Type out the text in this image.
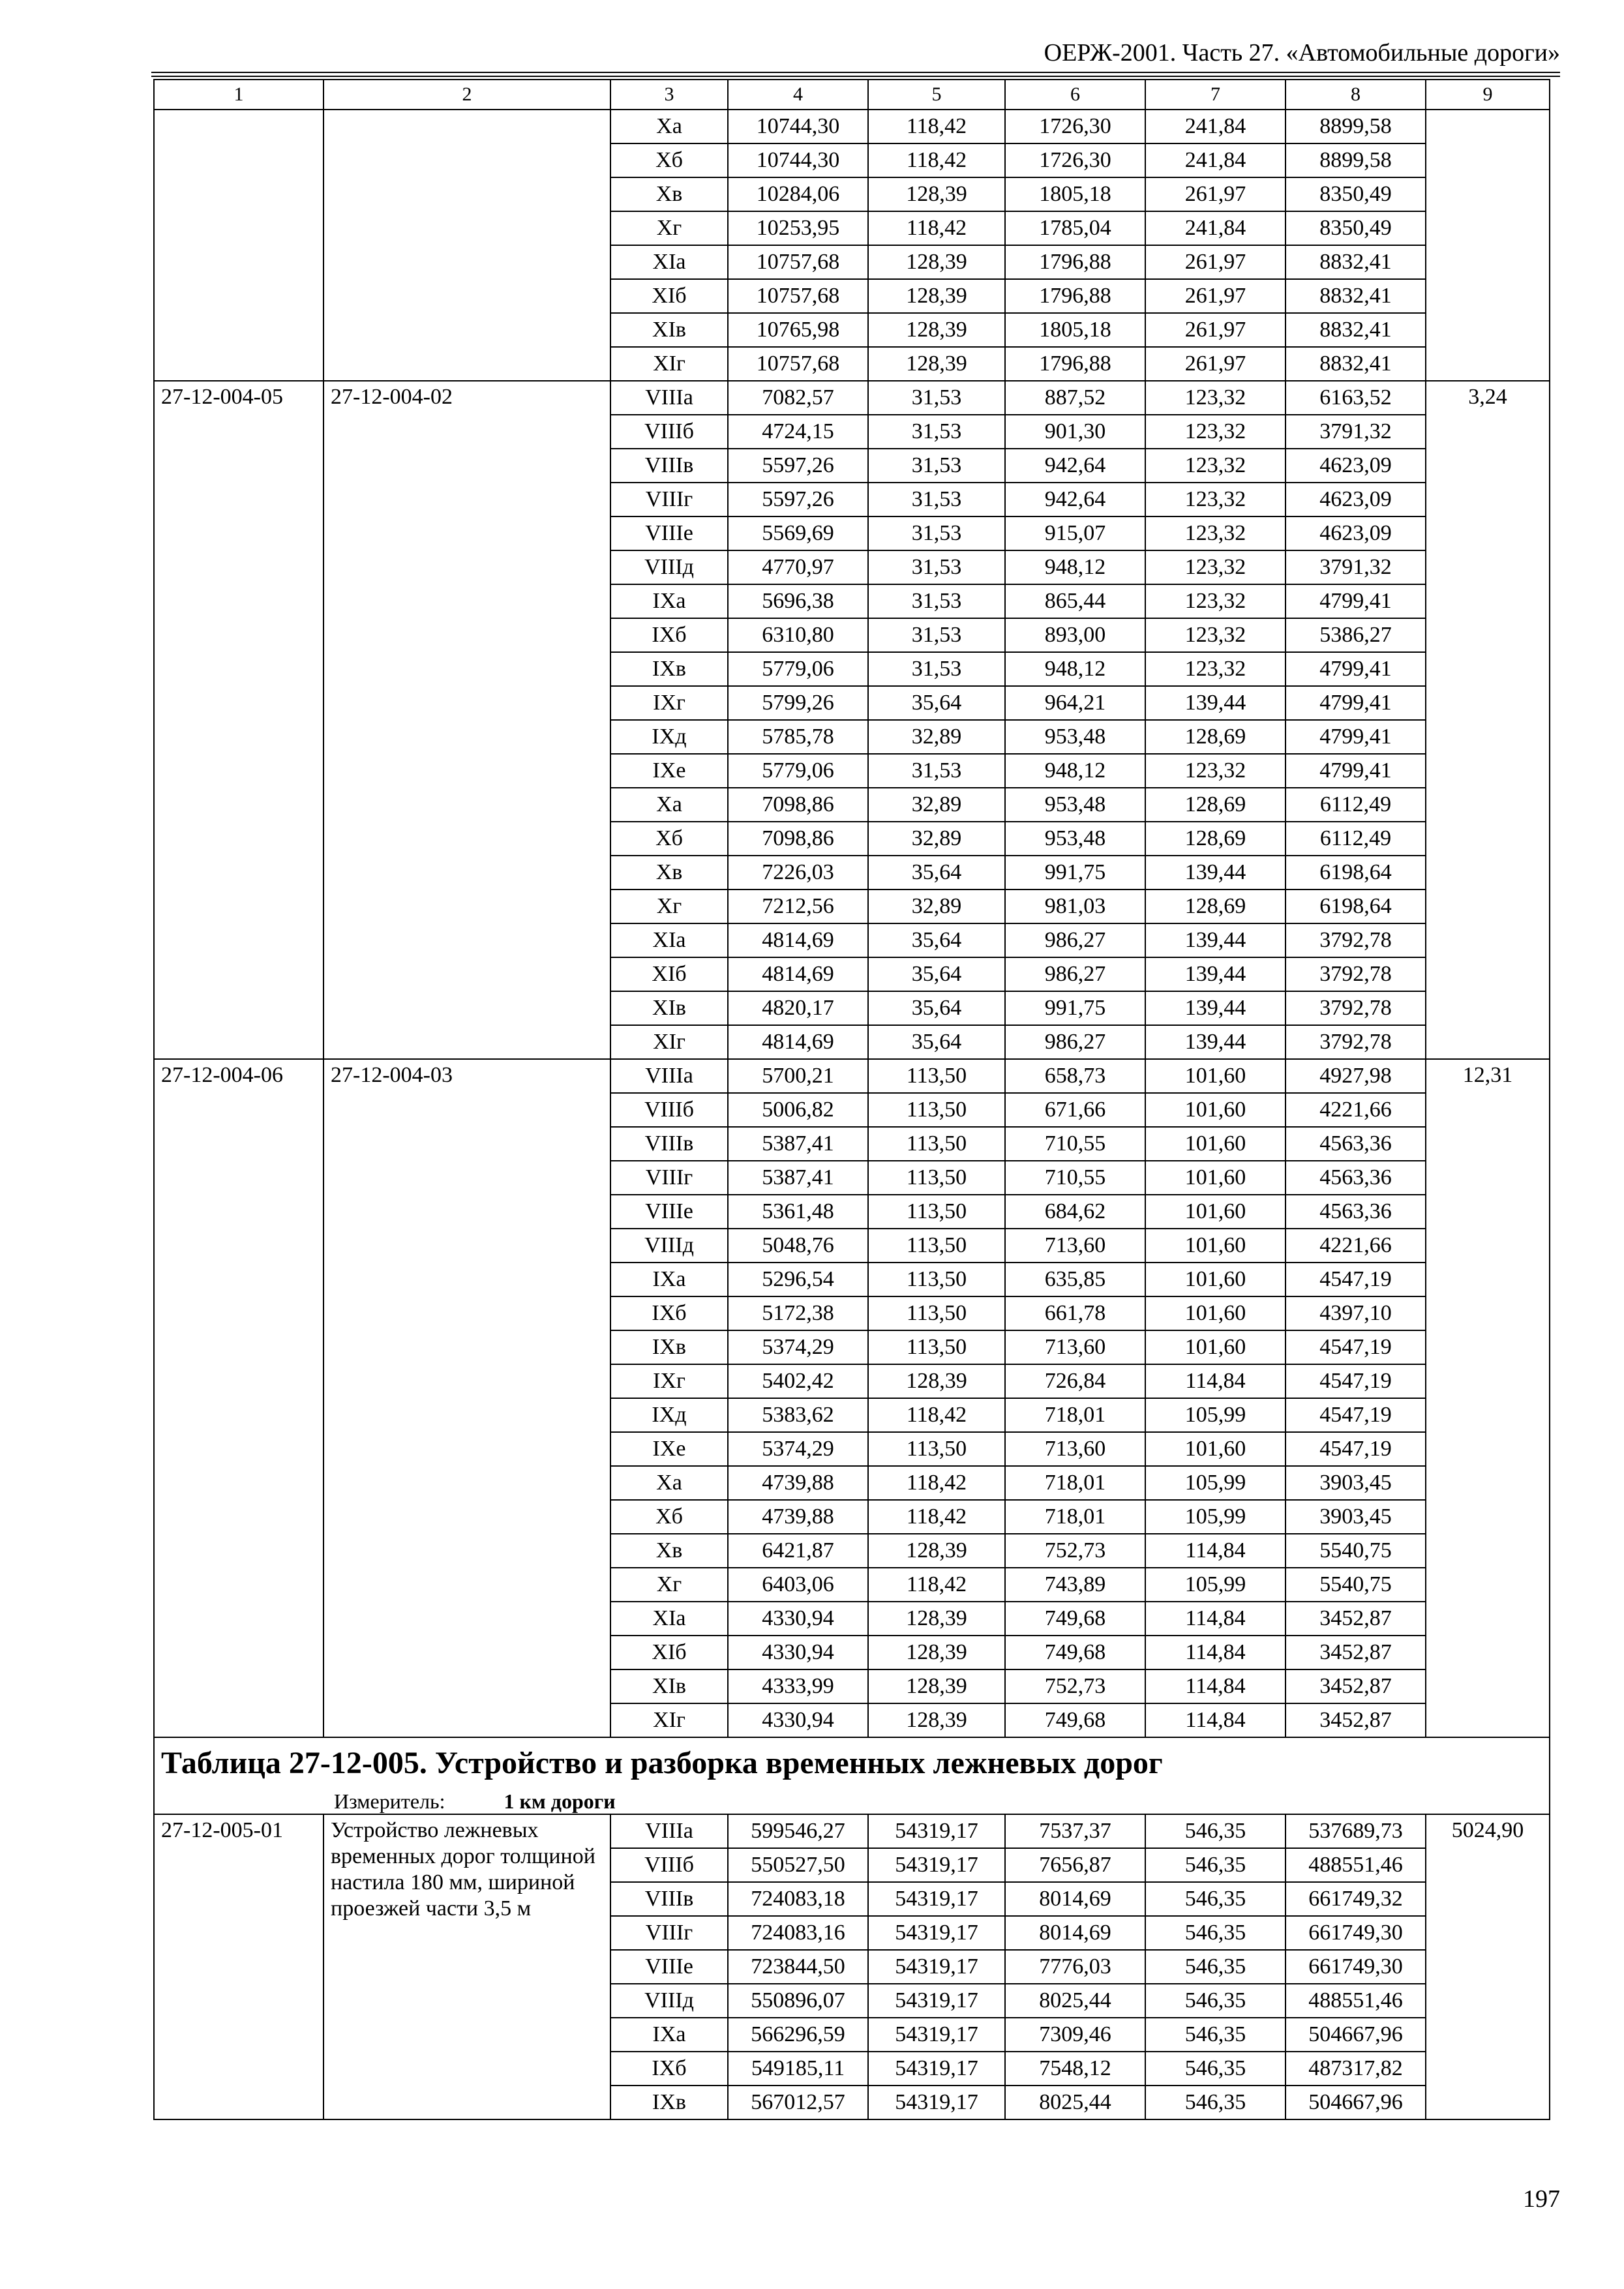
ОЕРЖ-2001. Часть 27. «Автомобильные дороги»
1	2	3	4	5	6	7	8	9
		Xa	10744,30	118,42	1726,30	241,84	8899,58	
		Xб	10744,30	118,42	1726,30	241,84	8899,58	
		Xв	10284,06	128,39	1805,18	261,97	8350,49	
		Xг	10253,95	118,42	1785,04	241,84	8350,49	
		XIa	10757,68	128,39	1796,88	261,97	8832,41	
		XIб	10757,68	128,39	1796,88	261,97	8832,41	
		XIв	10765,98	128,39	1805,18	261,97	8832,41	
		XIг	10757,68	128,39	1796,88	261,97	8832,41	
27-12-004-05	27-12-004-02	VIIIa	7082,57	31,53	887,52	123,32	6163,52	3,24
		VIIIб	4724,15	31,53	901,30	123,32	3791,32	
		VIIIв	5597,26	31,53	942,64	123,32	4623,09	
		VIIIг	5597,26	31,53	942,64	123,32	4623,09	
		VIIIe	5569,69	31,53	915,07	123,32	4623,09	
		VIIIд	4770,97	31,53	948,12	123,32	3791,32	
		IXa	5696,38	31,53	865,44	123,32	4799,41	
		IXб	6310,80	31,53	893,00	123,32	5386,27	
		IXв	5779,06	31,53	948,12	123,32	4799,41	
		IXг	5799,26	35,64	964,21	139,44	4799,41	
		IXд	5785,78	32,89	953,48	128,69	4799,41	
		IXe	5779,06	31,53	948,12	123,32	4799,41	
		Xa	7098,86	32,89	953,48	128,69	6112,49	
		Xб	7098,86	32,89	953,48	128,69	6112,49	
		Xв	7226,03	35,64	991,75	139,44	6198,64	
		Xг	7212,56	32,89	981,03	128,69	6198,64	
		XIa	4814,69	35,64	986,27	139,44	3792,78	
		XIб	4814,69	35,64	986,27	139,44	3792,78	
		XIв	4820,17	35,64	991,75	139,44	3792,78	
		XIг	4814,69	35,64	986,27	139,44	3792,78	
27-12-004-06	27-12-004-03	VIIIa	5700,21	113,50	658,73	101,60	4927,98	12,31
		VIIIб	5006,82	113,50	671,66	101,60	4221,66	
		VIIIв	5387,41	113,50	710,55	101,60	4563,36	
		VIIIг	5387,41	113,50	710,55	101,60	4563,36	
		VIIIe	5361,48	113,50	684,62	101,60	4563,36	
		VIIIд	5048,76	113,50	713,60	101,60	4221,66	
		IXa	5296,54	113,50	635,85	101,60	4547,19	
		IXб	5172,38	113,50	661,78	101,60	4397,10	
		IXв	5374,29	113,50	713,60	101,60	4547,19	
		IXг	5402,42	128,39	726,84	114,84	4547,19	
		IXд	5383,62	118,42	718,01	105,99	4547,19	
		IXe	5374,29	113,50	713,60	101,60	4547,19	
		Xa	4739,88	118,42	718,01	105,99	3903,45	
		Xб	4739,88	118,42	718,01	105,99	3903,45	
		Xв	6421,87	128,39	752,73	114,84	5540,75	
		Xг	6403,06	118,42	743,89	105,99	5540,75	
		XIa	4330,94	128,39	749,68	114,84	3452,87	
		XIб	4330,94	128,39	749,68	114,84	3452,87	
		XIв	4333,99	128,39	752,73	114,84	3452,87	
		XIг	4330,94	128,39	749,68	114,84	3452,87	
Таблица 27-12-005. Устройство и разборка временных лежневых дорог								
Измеритель: 1 км дороги								
27-12-005-01	Устройство лежневых временных дорог толщиной настила 180 мм, шириной проезжей части 3,5 м	VIIIa	599546,27	54319,17	7537,37	546,35	537689,73	5024,90
		VIIIб	550527,50	54319,17	7656,87	546,35	488551,46	
		VIIIв	724083,18	54319,17	8014,69	546,35	661749,32	
		VIIIг	724083,16	54319,17	8014,69	546,35	661749,30	
		VIIIe	723844,50	54319,17	7776,03	546,35	661749,30	
		VIIIд	550896,07	54319,17	8025,44	546,35	488551,46	
		IXa	566296,59	54319,17	7309,46	546,35	504667,96	
		IXб	549185,11	54319,17	7548,12	546,35	487317,82	
		IXв	567012,57	54319,17	8025,44	546,35	504667,96	
197
